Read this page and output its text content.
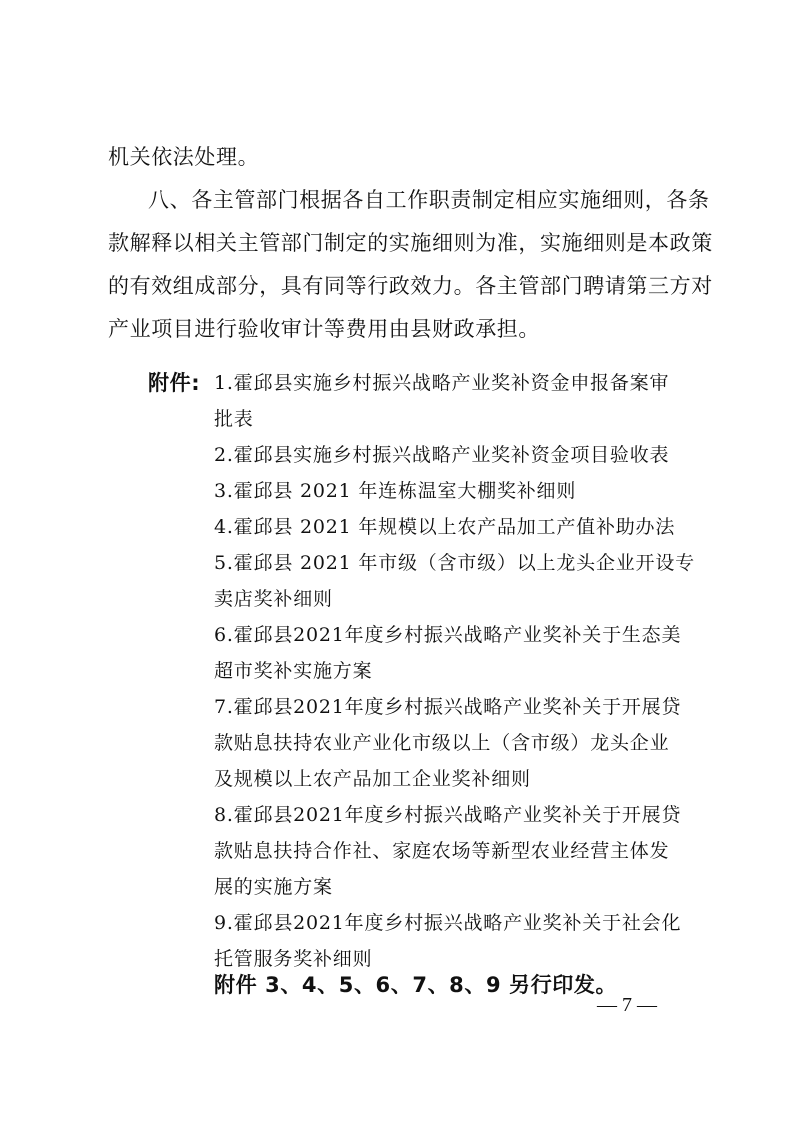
机关依法处理。
八、各主管部门根据各自工作职责制定相应实施细则，各条
款解释以相关主管部门制定的实施细则为准，实施细则是本政策
的有效组成部分，具有同等行政效力。各主管部门聘请第三方对
产业项目进行验收审计等费用由县财政承担。
附件: 1.霍邱县实施乡村振兴战略产业奖补资金申报备案审
批表
2.霍邱县实施乡村振兴战略产业奖补资金项目验收表
3.霍邱县 2021 年连栋温室大棚奖补细则
4.霍邱县 2021 年规模以上农产品加工产值补助办法
5.霍邱县 2021 年市级（含市级）以上龙头企业开设专
卖店奖补细则
6.霍邱县2021年度乡村振兴战略产业奖补关于生态美
超市奖补实施方案
7.霍邱县2021年度乡村振兴战略产业奖补关于开展贷
款贴息扶持农业产业化市级以上（含市级）龙头企业
及规模以上农产品加工企业奖补细则
8.霍邱县2021年度乡村振兴战略产业奖补关于开展贷
款贴息扶持合作社、家庭农场等新型农业经营主体发
展的实施方案
9.霍邱县2021年度乡村振兴战略产业奖补关于社会化
托管服务奖补细则
附件 3、4、5、6、7、8、9 另行印发。
— 7 —
